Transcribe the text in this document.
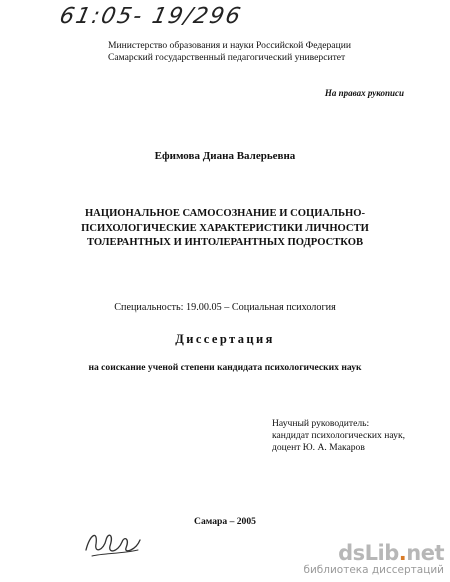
61:05- 19/296
Министерство образования и науки Российской Федерации
Самарский государственный педагогический университет
На правах рукописи
Ефимова Диана Валерьевна
НАЦИОНАЛЬНОЕ САМОСОЗНАНИЕ И СОЦИАЛЬНО-
ПСИХОЛОГИЧЕСКИЕ ХАРАКТЕРИСТИКИ ЛИЧНОСТИ
ТОЛЕРАНТНЫХ И ИНТОЛЕРАНТНЫХ ПОДРОСТКОВ
Специальность: 19.00.05 – Социальная психология
Диссертация
на соискание ученой степени кандидата психологических наук
Научный руководитель:
кандидат психологических наук,
доцент Ю. А. Макаров
Самара – 2005
dsLib.net
библиотека диссертаций
